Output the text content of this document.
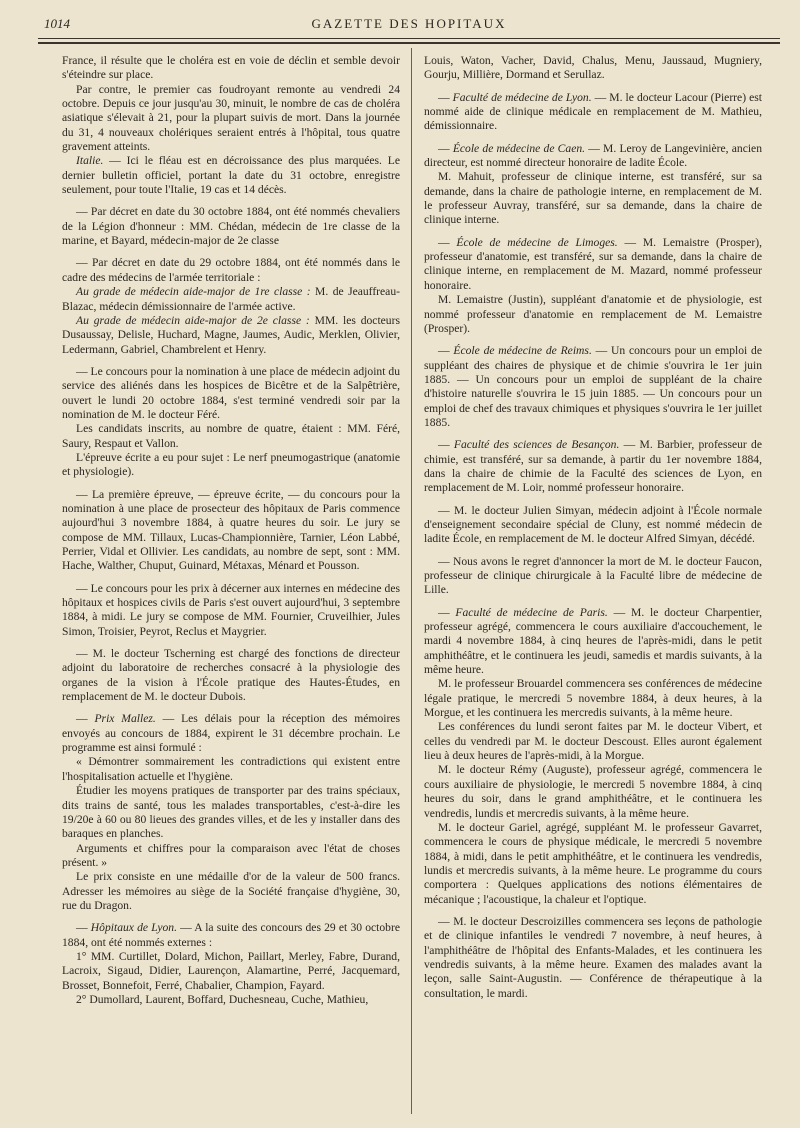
1014	GAZETTE DES HOPITAUX

France, il résulte que le choléra est en voie de déclin et semble devoir s'éteindre sur place.

Par contre, le premier cas foudroyant remonte au vendredi 24 octobre. Depuis ce jour jusqu'au 30, minuit, le nombre de cas de choléra asiatique s'élevait à 21, pour la plupart suivis de mort. Dans la journée du 31, 4 nouveaux cholériques seraient entrés à l'hôpital, tous quatre gravement atteints.

Italie. — Ici le fléau est en décroissance des plus marquées. Le dernier bulletin officiel, portant la date du 31 octobre, enregistre seulement, pour toute l'Italie, 19 cas et 14 décès.

— Par décret en date du 30 octobre 1884, ont été nommés chevaliers de la Légion d'honneur : MM. Chédan, médecin de 1re classe de la marine, et Bayard, médecin-major de 2e classe

— Par décret en date du 29 octobre 1884, ont été nommés dans le cadre des médecins de l'armée territoriale :

Au grade de médecin aide-major de 1re classe : M. de Jeauffreau-Blazac, médecin démissionnaire de l'armée active.

Au grade de médecin aide-major de 2e classe : MM. les docteurs Dusaussay, Delisle, Huchard, Magne, Jaumes, Audic, Merklen, Olivier, Ledermann, Gabriel, Chambrelent et Henry.

— Le concours pour la nomination à une place de médecin adjoint du service des aliénés dans les hospices de Bicêtre et de la Salpêtrière, ouvert le lundi 20 octobre 1884, s'est terminé vendredi soir par la nomination de M. le docteur Féré.

Les candidats inscrits, au nombre de quatre, étaient : MM. Féré, Saury, Respaut et Vallon.

L'épreuve écrite a eu pour sujet : Le nerf pneumogastrique (anatomie et physiologie).

— La première épreuve, — épreuve écrite, — du concours pour la nomination à une place de prosecteur des hôpitaux de Paris commence aujourd'hui 3 novembre 1884, à quatre heures du soir. Le jury se compose de MM. Tillaux, Lucas-Championnière, Tarnier, Léon Labbé, Perrier, Vidal et Ollivier. Les candidats, au nombre de sept, sont : MM. Hache, Walther, Chuput, Guinard, Métaxas, Ménard et Pousson.

— Le concours pour les prix à décerner aux internes en médecine des hôpitaux et hospices civils de Paris s'est ouvert aujourd'hui, 3 septembre 1884, à midi. Le jury se compose de MM. Fournier, Cruveilhier, Jules Simon, Troisier, Peyrot, Reclus et Maygrier.

— M. le docteur Tscherning est chargé des fonctions de directeur adjoint du laboratoire de recherches consacré à la physiologie des organes de la vision à l'École pratique des Hautes-Études, en remplacement de M. le docteur Dubois.

— Prix Mallez. — Les délais pour la réception des mémoires envoyés au concours de 1884, expirent le 31 décembre prochain. Le programme est ainsi formulé :

« Démontrer sommairement les contradictions qui existent entre l'hospitalisation actuelle et l'hygiène.

Étudier les moyens pratiques de transporter par des trains spéciaux, dits trains de santé, tous les malades transportables, c'est-à-dire les 19/20e à 60 ou 80 lieues des grandes villes, et de les y installer dans des baraques en planches.

Arguments et chiffres pour la comparaison avec l'état de choses présent. »

Le prix consiste en une médaille d'or de la valeur de 500 francs. Adresser les mémoires au siège de la Société française d'hygiène, 30, rue du Dragon.

— Hôpitaux de Lyon. — A la suite des concours des 29 et 30 octobre 1884, ont été nommés externes :

1° MM. Curtillet, Dolard, Michon, Paillart, Merley, Fabre, Durand, Lacroix, Sigaud, Didier, Laurençon, Alamartine, Perré, Jacquemard, Brosset, Bonnefoit, Ferré, Chabalier, Champion, Fayard.

2° Dumollard, Laurent, Boffard, Duchesneau, Cuche, Mathieu,

Louis, Waton, Vacher, David, Chalus, Menu, Jaussaud, Mugniery, Gourju, Millière, Dormand et Serullaz.

— Faculté de médecine de Lyon. — M. le docteur Lacour (Pierre) est nommé aide de clinique médicale en remplacement de M. Mathieu, démissionnaire.

— École de médecine de Caen. — M. Leroy de Langevinière, ancien directeur, est nommé directeur honoraire de ladite École.

M. Mahuit, professeur de clinique interne, est transféré, sur sa demande, dans la chaire de pathologie interne, en remplacement de M. le professeur Auvray, transféré, sur sa demande, dans la chaire de clinique interne.

— École de médecine de Limoges. — M. Lemaistre (Prosper), professeur d'anatomie, est transféré, sur sa demande, dans la chaire de clinique interne, en remplacement de M. Mazard, nommé professeur honoraire.

M. Lemaistre (Justin), suppléant d'anatomie et de physiologie, est nommé professeur d'anatomie en remplacement de M. Lemaistre (Prosper).

— École de médecine de Reims. — Un concours pour un emploi de suppléant des chaires de physique et de chimie s'ouvrira le 1er juin 1885. — Un concours pour un emploi de suppléant de la chaire d'histoire naturelle s'ouvrira le 15 juin 1885. — Un concours pour un emploi de chef des travaux chimiques et physiques s'ouvrira le 1er juillet 1885.

— Faculté des sciences de Besançon. — M. Barbier, professeur de chimie, est transféré, sur sa demande, à partir du 1er novembre 1884, dans la chaire de chimie de la Faculté des sciences de Lyon, en remplacement de M. Loir, nommé professeur honoraire.

— M. le docteur Julien Simyan, médecin adjoint à l'École normale d'enseignement secondaire spécial de Cluny, est nommé médecin de ladite École, en remplacement de M. le docteur Alfred Simyan, décédé.

— Nous avons le regret d'annoncer la mort de M. le docteur Faucon, professeur de clinique chirurgicale à la Faculté libre de médecine de Lille.

— Faculté de médecine de Paris. — M. le docteur Charpentier, professeur agrégé, commencera le cours auxiliaire d'accouchement, le mardi 4 novembre 1884, à cinq heures de l'après-midi, dans le petit amphithéâtre, et le continuera les jeudi, samedis et mardis suivants, à la même heure.

M. le professeur Brouardel commencera ses conférences de médecine légale pratique, le mercredi 5 novembre 1884, à deux heures, à la Morgue, et les continuera les mercredis suivants, à la même heure.

Les conférences du lundi seront faites par M. le docteur Vibert, et celles du vendredi par M. le docteur Descoust. Elles auront également lieu à deux heures de l'après-midi, à la Morgue.

M. le docteur Rémy (Auguste), professeur agrégé, commencera le cours auxiliaire de physiologie, le mercredi 5 novembre 1884, à cinq heures du soir, dans le grand amphithéâtre, et le continuera les vendredis, lundis et mercredis suivants, à la même heure.

M. le docteur Gariel, agrégé, suppléant M. le professeur Gavarret, commencera le cours de physique médicale, le mercredi 5 novembre 1884, à midi, dans le petit amphithéâtre, et le continuera les vendredis, lundis et mercredis suivants, à la même heure. Le programme du cours comportera : Quelques applications des notions élémentaires de mécanique ; l'acoustique, la chaleur et l'optique.

— M. le docteur Descroizilles commencera ses leçons de pathologie et de clinique infantiles le vendredi 7 novembre, à neuf heures, à l'amphithéâtre de l'hôpital des Enfants-Malades, et les continuera les vendredis suivants, à la même heure. Examen des malades avant la leçon, salle Saint-Augustin. — Conférence de thérapeutique à la consultation, le mardi.
